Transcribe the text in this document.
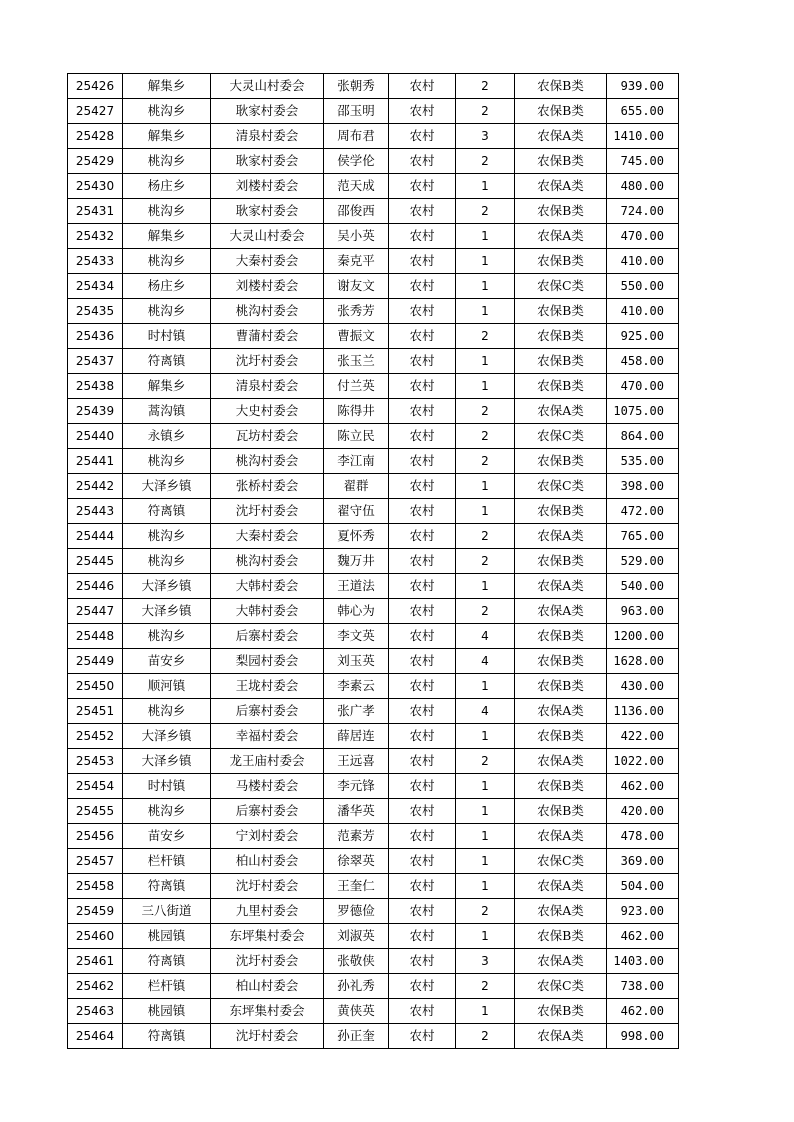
25426	解集乡	大灵山村委会	张朝秀	农村	2	农保B类	939.00
25427	桃沟乡	耿家村委会	邵玉明	农村	2	农保B类	655.00
25428	解集乡	清泉村委会	周布君	农村	3	农保A类	1410.00
25429	桃沟乡	耿家村委会	侯学伦	农村	2	农保B类	745.00
25430	杨庄乡	刘楼村委会	范天成	农村	1	农保A类	480.00
25431	桃沟乡	耿家村委会	邵俊西	农村	2	农保B类	724.00
25432	解集乡	大灵山村委会	吴小英	农村	1	农保A类	470.00
25433	桃沟乡	大秦村委会	秦克平	农村	1	农保B类	410.00
25434	杨庄乡	刘楼村委会	谢友文	农村	1	农保C类	550.00
25435	桃沟乡	桃沟村委会	张秀芳	农村	1	农保B类	410.00
25436	时村镇	曹蒲村委会	曹振文	农村	2	农保B类	925.00
25437	符离镇	沈圩村委会	张玉兰	农村	1	农保B类	458.00
25438	解集乡	清泉村委会	付兰英	农村	1	农保B类	470.00
25439	蒿沟镇	大史村委会	陈得井	农村	2	农保A类	1075.00
25440	永镇乡	瓦坊村委会	陈立民	农村	2	农保C类	864.00
25441	桃沟乡	桃沟村委会	李江南	农村	2	农保B类	535.00
25442	大泽乡镇	张桥村委会	翟群	农村	1	农保C类	398.00
25443	符离镇	沈圩村委会	翟守伍	农村	1	农保B类	472.00
25444	桃沟乡	大秦村委会	夏怀秀	农村	2	农保A类	765.00
25445	桃沟乡	桃沟村委会	魏万井	农村	2	农保B类	529.00
25446	大泽乡镇	大韩村委会	王道法	农村	1	农保A类	540.00
25447	大泽乡镇	大韩村委会	韩心为	农村	2	农保A类	963.00
25448	桃沟乡	后寨村委会	李文英	农村	4	农保B类	1200.00
25449	苗安乡	梨园村委会	刘玉英	农村	4	农保B类	1628.00
25450	顺河镇	王垅村委会	李素云	农村	1	农保B类	430.00
25451	桃沟乡	后寨村委会	张广孝	农村	4	农保A类	1136.00
25452	大泽乡镇	幸福村委会	薛居连	农村	1	农保B类	422.00
25453	大泽乡镇	龙王庙村委会	王远喜	农村	2	农保A类	1022.00
25454	时村镇	马楼村委会	李元锋	农村	1	农保B类	462.00
25455	桃沟乡	后寨村委会	潘华英	农村	1	农保B类	420.00
25456	苗安乡	宁刘村委会	范素芳	农村	1	农保A类	478.00
25457	栏杆镇	柏山村委会	徐翠英	农村	1	农保C类	369.00
25458	符离镇	沈圩村委会	王奎仁	农村	1	农保A类	504.00
25459	三八街道	九里村委会	罗德俭	农村	2	农保A类	923.00
25460	桃园镇	东坪集村委会	刘淑英	农村	1	农保B类	462.00
25461	符离镇	沈圩村委会	张敬侠	农村	3	农保A类	1403.00
25462	栏杆镇	柏山村委会	孙礼秀	农村	2	农保C类	738.00
25463	桃园镇	东坪集村委会	黄侠英	农村	1	农保B类	462.00
25464	符离镇	沈圩村委会	孙正奎	农村	2	农保A类	998.00
